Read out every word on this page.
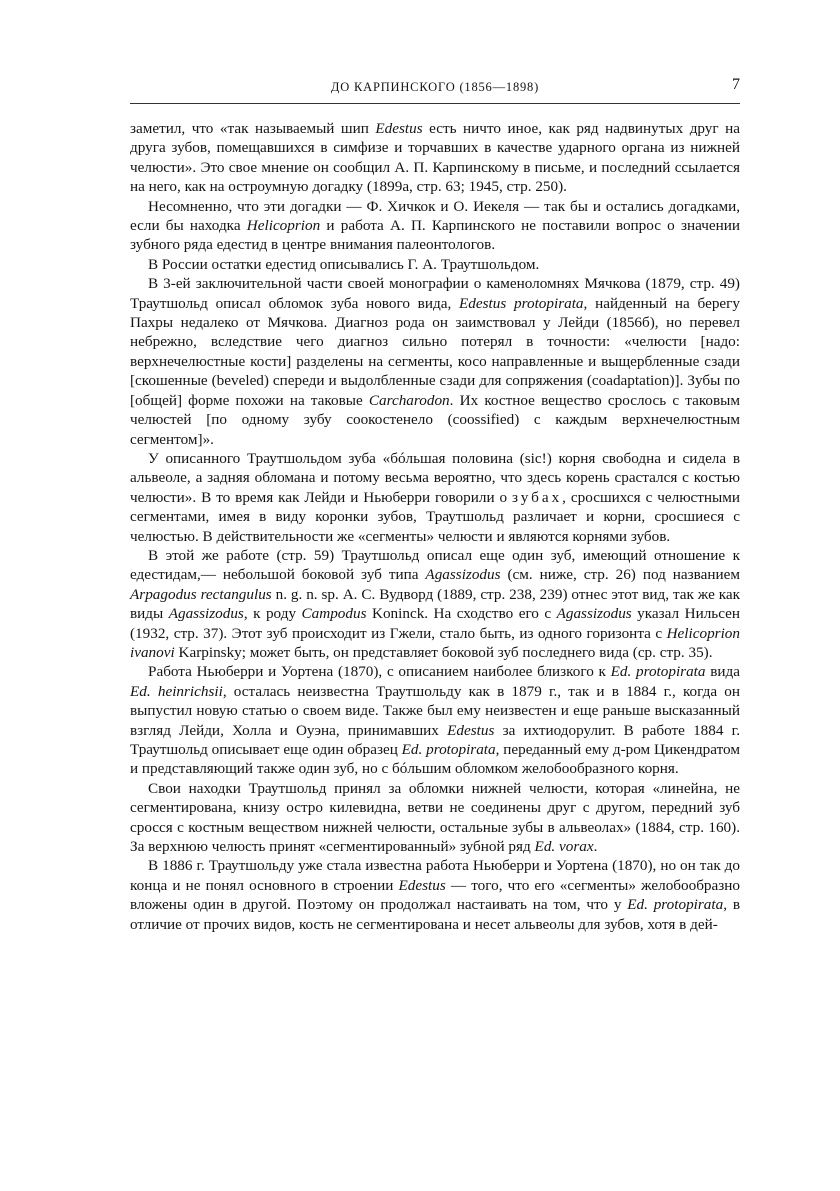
ДО КАРПИНСКОГО (1856—1898)	7

заметил, что «так называемый шип Edestus есть ничто иное, как ряд надвинутых друг на друга зубов, помещавшихся в симфизе и торчавших в качестве ударного органа из нижней челюсти». Это свое мнение он сообщил А. П. Карпинскому в письме, и последний ссылается на него, как на остроумную догадку (1899а, стр. 63; 1945, стр. 250).

Несомненно, что эти догадки — Ф. Хичкок и О. Иекеля — так бы и остались догадками, если бы находка Helicoprion и работа А. П. Карпинского не поставили вопрос о значении зубного ряда едестид в центре внимания палеонтологов.

В России остатки едестид описывались Г. А. Траутшольдом.

В 3-ей заключительной части своей монографии о каменоломнях Мячкова (1879, стр. 49) Траутшольд описал обломок зуба нового вида, Edestus protopirata, найденный на берегу Пахры недалеко от Мячкова. Диагноз рода он заимствовал у Лейди (1856б), но перевел небрежно, вследствие чего диагноз сильно потерял в точности: «челюсти [надо: верхнечелюстные кости] разделены на сегменты, косо направленные и выщербленные сзади [скошенные (beveled) спереди и выдолбленные сзади для сопряжения (coadaptation)]. Зубы по [общей] форме похожи на таковые Carcharodon. Их костное вещество срослось с таковым челюстей [по одному зубу соокостенело (coossified) с каждым верхнечелюстным сегментом]».

У описанного Траутшольдом зуба «бóльшая половина (sic!) корня свободна и сидела в альвеоле, а задняя обломана и потому весьма вероятно, что здесь корень срастался с костью челюсти». В то время как Лейди и Ньюберри говорили о зубах, сросшихся с челюстными сегментами, имея в виду коронки зубов, Траутшольд различает и корни, сросшиеся с челюстью. В действительности же «сегменты» челюсти и являются корнями зубов.

В этой же работе (стр. 59) Траутшольд описал еще один зуб, имеющий отношение к едестидам,— небольшой боковой зуб типа Agassizodus (см. ниже, стр. 26) под названием Arpagodus rectangulus n. g. n. sp. А. С. Вудворд (1889, стр. 238, 239) отнес этот вид, так же как виды Agassizodus, к роду Campodus Koninck. На сходство его с Agassizodus указал Нильсен (1932, стр. 37). Этот зуб происходит из Гжели, стало быть, из одного горизонта с Helicoprion ivanovi Karpinsky; может быть, он представляет боковой зуб последнего вида (ср. стр. 35).

Работа Ньюберри и Уортена (1870), с описанием наиболее близкого к Ed. protopirata вида Ed. heinrichsii, осталась неизвестна Траутшольду как в 1879 г., так и в 1884 г., когда он выпустил новую статью о своем виде. Также был ему неизвестен и еще раньше высказанный взгляд Лейди, Холла и Оуэна, принимавших Edestus за ихтиодорулит. В работе 1884 г. Траутшольд описывает еще один образец Ed. protopirata, переданный ему д-ром Цикендратом и представляющий также один зуб, но с бóльшим обломком желобообразного корня.

Свои находки Траутшольд принял за обломки нижней челюсти, которая «линейна, не сегментирована, книзу остро килевидна, ветви не соединены друг с другом, передний зуб сросся с костным веществом нижней челюсти, остальные зубы в альвеолах» (1884, стр. 160). За верхнюю челюсть принят «сегментированный» зубной ряд Ed. vorax.

В 1886 г. Траутшольду уже стала известна работа Ньюберри и Уортена (1870), но он так до конца и не понял основного в строении Edestus — того, что его «сегменты» желобообразно вложены один в другой. Поэтому он продолжал настаивать на том, что у Ed. protopirata, в отличие от прочих видов, кость не сегментирована и несет альвеолы для зубов, хотя в дей-
